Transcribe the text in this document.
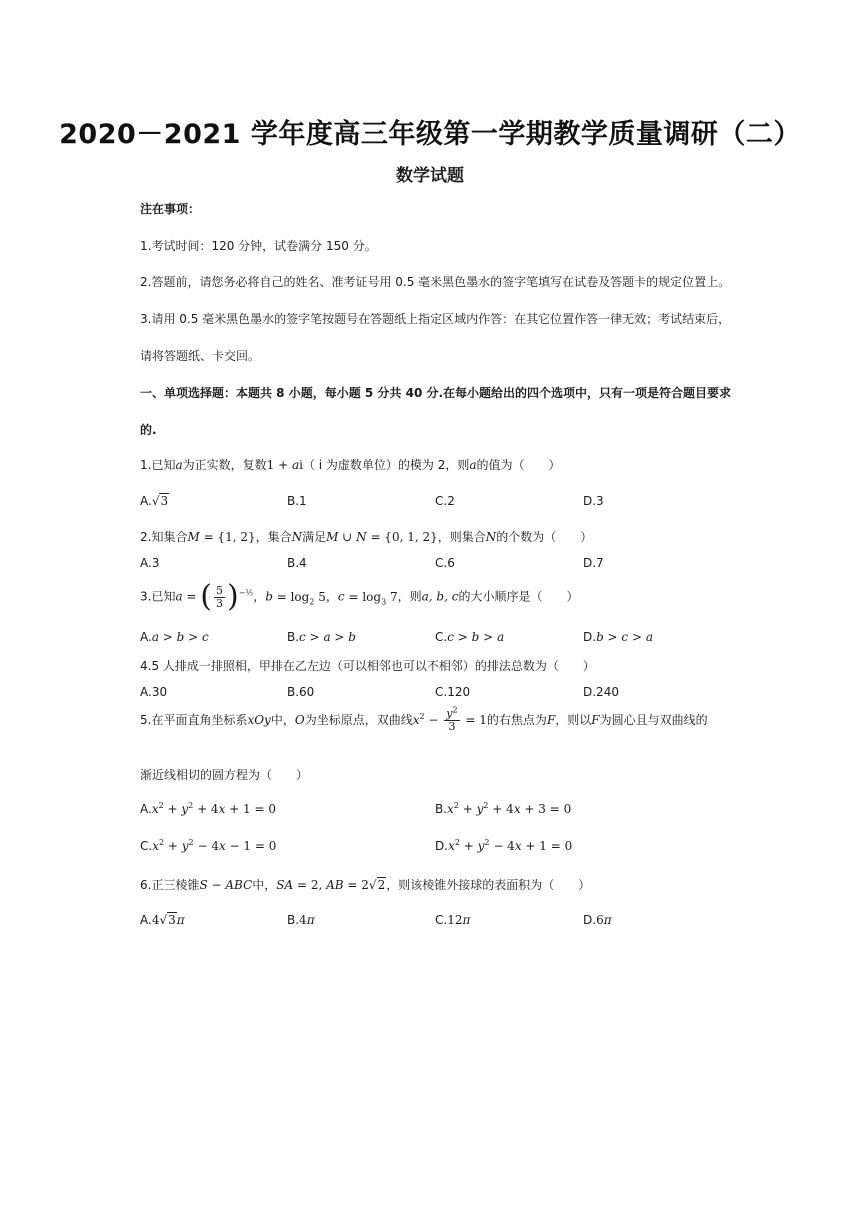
2020－2021 学年度高三年级第一学期教学质量调研（二）
数学试题
注在事项：
1.考试时间：120 分钟，试卷满分 150 分。
2.答题前，请您务必将自己的姓名、准考证号用 0.5 毫米黑色墨水的签字笔填写在试卷及答题卡的规定位置上。
3.请用 0.5 毫米黑色墨水的签字笔按题号在答题纸上指定区域内作答：在其它位置作答一律无效；考试结束后，
请将答题纸、卡交回。
一、单项选择题：本题共 8 小题，每小题 5 分共 40 分.在每小题给出的四个选项中，只有一项是符合题目要求
的.
1.已知a为正实数，复数1 + ai（ i 为虚数单位）的模为 2，则a的值为（　　）
A.√3	B.1	C.2	D.3
2.知集合M = {1, 2}，集合N满足M ∪ N = {0, 1, 2}，则集合N的个数为（　　）
A.3	B.4	C.6	D.7
3.已知a = ( $\frac{5}{3} )^{-\frac{1}{2}}$，$b = \log_2 5$，$c = \log_3 7$，则a, b, c的大小顺序是（　　）
A.a > b > c	B.c > a > b	C.c > b > a	D.b > c > a
4.5 人排成一排照相，甲排在乙左边（可以相邻也可以不相邻）的排法总数为（　　）
A.30	B.60	C.120	D.240
5.在平面直角坐标系xOy中，O为坐标原点，双曲线$x^2 - \frac{y^2}{3} = 1$的右焦点为F，则以F为圆心且与双曲线的
渐近线相切的圆方程为（　　）
$A.x^2 + y^2 + 4x + 1 = 0$	$B.x^2 + y^2 + 4x + 3 = 0$
$C.x^2 + y^2 - 4x - 1 = 0$	$D.x^2 + y^2 - 4x + 1 = 0$
6.正三棱锥S − ABC中，SA = 2, AB = 2√2，则该棱锥外接球的表面积为（　　）
A.4√3π	B.4π	C.12π	D.6π
